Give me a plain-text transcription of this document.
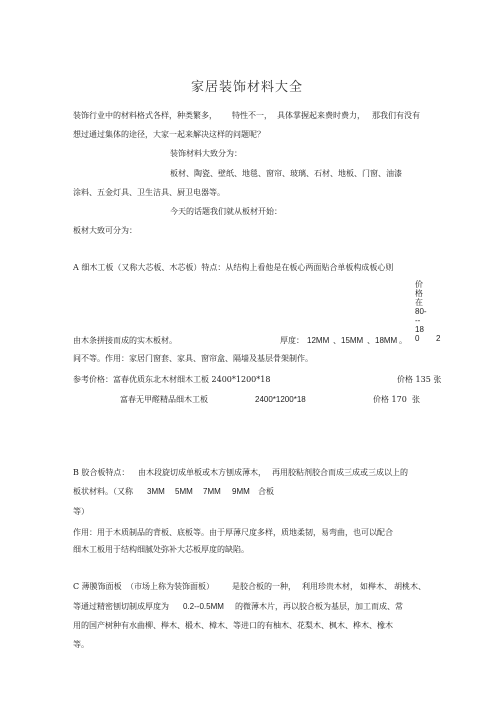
家居装饰材料大全
装饰行业中的材料格式各样，种类繁多， 特性不一， 具体掌握起来费时费力， 那我们有没有
想过通过集体的途径，大家一起来解决这样的问题呢？
装饰材料大致分为：
板材、陶瓷、壁纸、地毯、窗帘、玻璃、石材、地板、门窗、油漆
涂料、五金灯具、卫生洁具、厨卫电器等。
今天的话题我们就从板材开始：
板材大致可分为：
A 细木工板（又称大芯板、木芯板）特点：从结构上看他是在板心两面贴合单板构成板心则
价
格
在
80-
--
18
0	2
由木条拼接而成的实木板材。	厚度： 12MM 、15MM 、18MM 。
间不等。作用：家居门窗套、家具、窗帘盒、隔墙及基层骨架制作。
参考价格：富春优质东北木材细木工板 2400*1200*18	价格 135 张
富春无甲醛精品细木工板	2400*1200*18	价格 170 张
B 胶合板特点： 由木段旋切成单板或木方刨成薄木， 再用胶粘剂胶合而成三成或三成以上的
板状材料。（又称 3MM 5MM 7MM 9MM 合板
等）
作用：用于木质制品的背板、底板等。由于厚薄尺度多样，质地柔韧，易弯曲，也可以配合
细木工板用于结构细腻处弥补大芯板厚度的缺陷。
C 薄膜饰面板 （市场上称为装饰面板） 是胶合板的一种， 利用珍贵木材， 如榉木、 胡桃木、
等通过精密刨切制成厚度为 0.2--0.5MM 的微薄木片，再以胶合板为基层，加工而成、常
用的国产树种有水曲柳、榉木、椴木、樟木、等进口的有柚木、花梨木、枫木、桦木、橡木
等。
